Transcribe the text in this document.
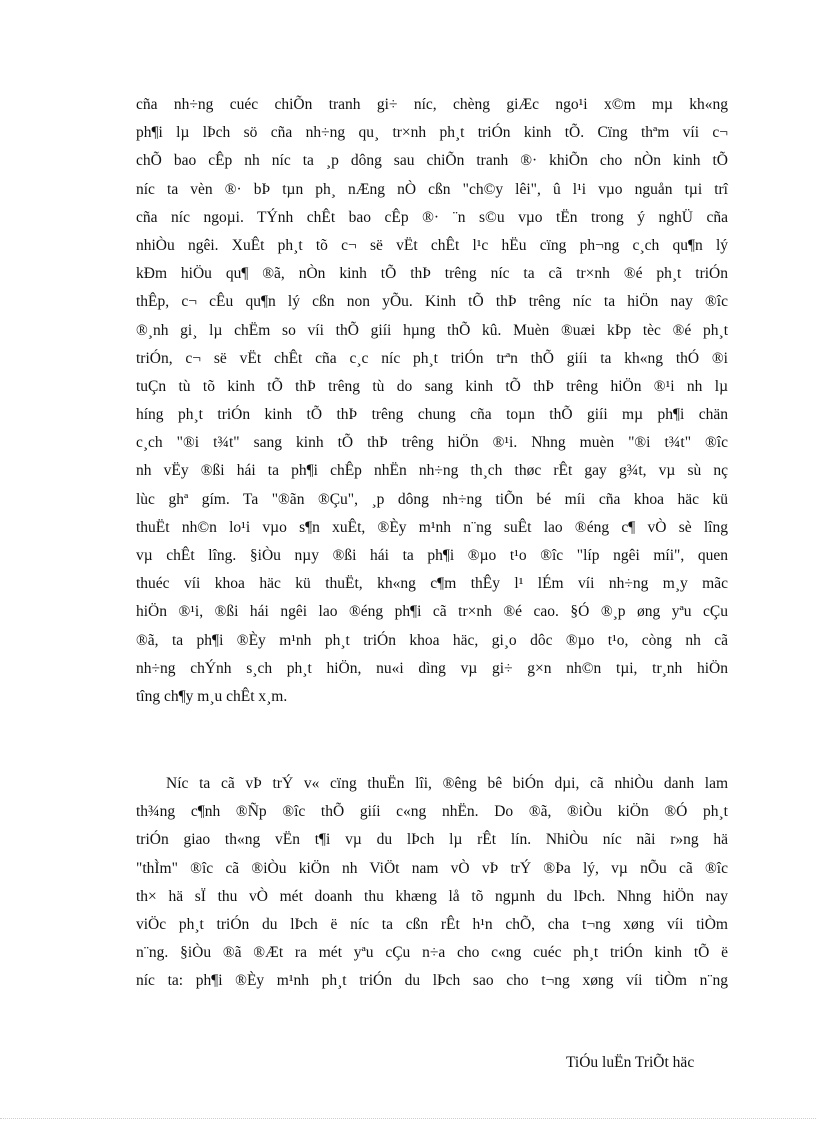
cña nh÷ng cuéc chiÕn tranh gi÷ níc, chèng giÆc ngo¹i x©m mµ kh«ng
ph¶i lµ lÞch sö cña nh÷ng qu¸ tr×nh ph¸t triÓn kinh tÕ. Cïng thªm víi c¬
chÕ bao cÊp nh níc ta ¸p dông sau chiÕn tranh ®· khiÕn cho nÒn kinh tÕ
níc ta vèn ®· bÞ tµn ph¸ nÆng nÒ cßn "ch©y lêi", û l¹i vµo nguån tµi trî
cña níc ngoµi. TÝnh chÊt bao cÊp ®· ¨n s©u vµo tËn trong ý nghÜ cña
nhiÒu ngêi. XuÊt ph¸t tõ c¬ së vËt chÊt l¹c hËu cïng ph¬ng c¸ch qu¶n lý
kÐm hiÖu qu¶ ®ã, nÒn kinh tÕ thÞ trêng níc ta cã tr×nh ®é ph¸t triÓn
thÊp, c¬ cÊu qu¶n lý cßn non yÕu. Kinh tÕ thÞ trêng níc ta hiÖn nay ®îc
®¸nh gi¸ lµ chËm so víi thÕ giíi hµng thÕ kû. Muèn ®uæi kÞp tèc ®é ph¸t
triÓn, c¬ së vËt chÊt cña c¸c níc ph¸t triÓn trªn thÕ giíi ta kh«ng thÓ ®i
tuÇn tù tõ kinh tÕ thÞ trêng tù do sang kinh tÕ thÞ trêng hiÖn ®¹i nh lµ
híng ph¸t triÓn kinh tÕ thÞ trêng chung cña toµn thÕ giíi mµ ph¶i chän
c¸ch "®i t¾t" sang kinh tÕ thÞ trêng hiÖn ®¹i. Nhng muèn "®i t¾t" ®îc
nh vËy ®ßi hái ta ph¶i chÊp nhËn nh÷ng th¸ch thøc rÊt gay g¾t, vµ sù nç
lùc ghª gím. Ta "®ãn ®Çu", ¸p dông nh÷ng tiÕn bé míi cña khoa häc kü
thuËt nh©n lo¹i vµo s¶n xuÊt, ®Èy m¹nh n¨ng suÊt lao ®éng c¶ vÒ sè lîng
vµ chÊt lîng. §iÒu nµy ®ßi hái ta ph¶i ®µo t¹o ®îc "líp ngêi míi", quen
thuéc víi khoa häc kü thuËt, kh«ng c¶m thÊy l¹ lÉm víi nh÷ng m¸y mãc
hiÖn ®¹i, ®ßi hái ngêi lao ®éng ph¶i cã tr×nh ®é cao. §Ó ®¸p øng yªu cÇu
®ã, ta ph¶i ®Èy m¹nh ph¸t triÓn khoa häc, gi¸o dôc ®µo t¹o, còng nh cã
nh÷ng chÝnh s¸ch ph¸t hiÖn, nu«i dìng vµ gi÷ g×n nh©n tµi, tr¸nh hiÖn
tîng ch¶y m¸u chÊt x¸m.
Níc ta cã vÞ trÝ v« cïng thuËn lîi, ®êng bê biÓn dµi, cã nhiÒu danh lam
th¾ng c¶nh ®Ñp ®îc thÕ giíi c«ng nhËn. Do ®ã, ®iÒu kiÖn ®Ó ph¸t
triÓn giao th«ng vËn t¶i vµ du lÞch lµ rÊt lín. NhiÒu níc nãi r»ng hä
"thÌm" ®îc cã ®iÒu kiÖn nh ViÖt nam vÒ vÞ trÝ ®Þa lý, vµ nÕu cã ®îc
th× hä sÏ thu vÒ mét doanh thu khæng lå tõ ngµnh du lÞch. Nhng hiÖn nay
viÖc ph¸t triÓn du lÞch ë níc ta cßn rÊt h¹n chÕ, cha t¬ng xøng víi tiÒm
n¨ng. §iÒu ®ã ®Æt ra mét yªu cÇu n÷a cho c«ng cuéc ph¸t triÓn kinh tÕ ë
níc ta: ph¶i ®Èy m¹nh ph¸t triÓn du lÞch sao cho t¬ng xøng víi tiÒm n¨ng
TiÓu luËn TriÕt häc
